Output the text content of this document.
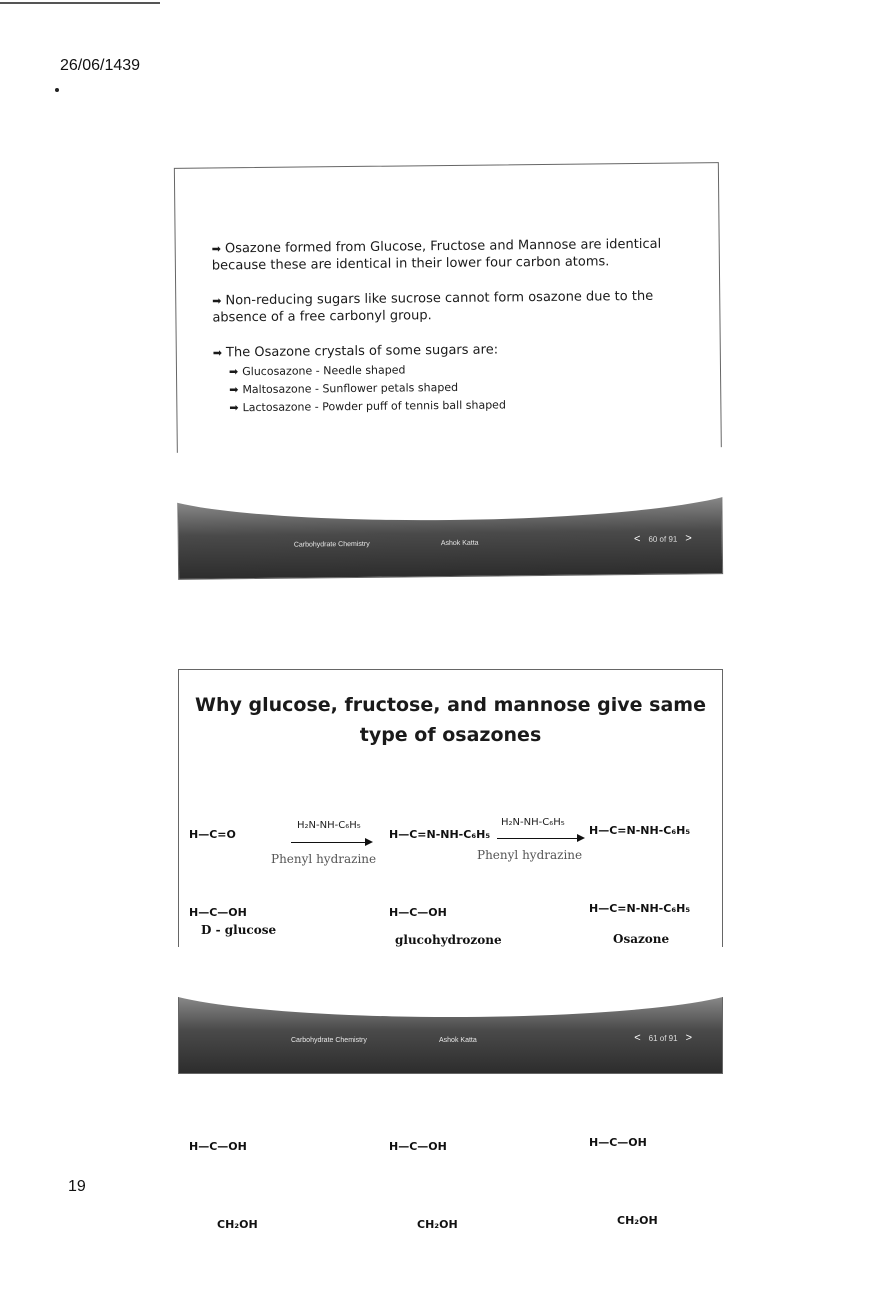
26/06/1439

➡ Osazone formed from Glucose, Fructose and Mannose are identical because these are identical in their lower four carbon atoms.

➡ Non-reducing sugars like sucrose cannot form osazone due to the absence of a free carbonyl group.

➡ The Osazone crystals of some sugars are:

➡ Glucosazone - Needle shaped
➡ Maltosazone - Sunflower petals shaped
➡ Lactosazone - Powder puff of tennis ball shaped
Carbohydrate Chemistry	Ashok Katta	< 60 of 91 >
Why glucose, fructose, and mannose give same
type of osazones

H—C=O

H—C—OH

H—C—OH

CH₂OH

D - glucose
H₂N-NH-C₆H₅
Phenyl hydrazine

H—C=N-NH-C₆H₅

H—C—OH

H—C—OH

CH₂OH

glucohydrozone
H₂N-NH-C₆H₅
Phenyl hydrazine

H—C=N-NH-C₆H₅

H—C=N-NH-C₆H₅

H—C—OH

CH₂OH

Osazone
Carbohydrate Chemistry	Ashok Katta	< 61 of 91 >
19
